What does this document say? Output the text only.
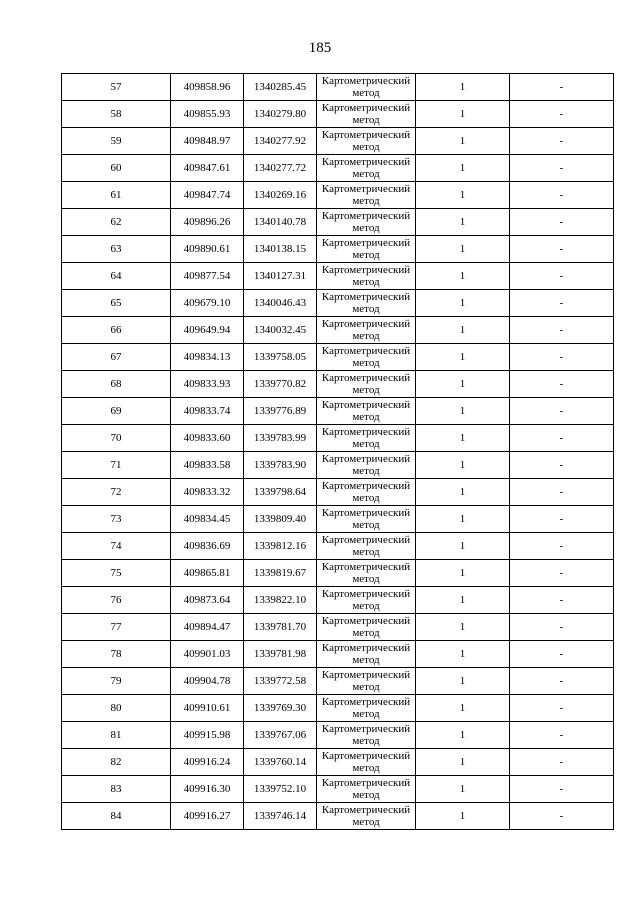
185
57	409858.96	1340285.45	Картометрический
метод	1	-
58	409855.93	1340279.80	Картометрический
метод	1	-
59	409848.97	1340277.92	Картометрический
метод	1	-
60	409847.61	1340277.72	Картометрический
метод	1	-
61	409847.74	1340269.16	Картометрический
метод	1	-
62	409896.26	1340140.78	Картометрический
метод	1	-
63	409890.61	1340138.15	Картометрический
метод	1	-
64	409877.54	1340127.31	Картометрический
метод	1	-
65	409679.10	1340046.43	Картометрический
метод	1	-
66	409649.94	1340032.45	Картометрический
метод	1	-
67	409834.13	1339758.05	Картометрический
метод	1	-
68	409833.93	1339770.82	Картометрический
метод	1	-
69	409833.74	1339776.89	Картометрический
метод	1	-
70	409833.60	1339783.99	Картометрический
метод	1	-
71	409833.58	1339783.90	Картометрический
метод	1	-
72	409833.32	1339798.64	Картометрический
метод	1	-
73	409834.45	1339809.40	Картометрический
метод	1	-
74	409836.69	1339812.16	Картометрический
метод	1	-
75	409865.81	1339819.67	Картометрический
метод	1	-
76	409873.64	1339822.10	Картометрический
метод	1	-
77	409894.47	1339781.70	Картометрический
метод	1	-
78	409901.03	1339781.98	Картометрический
метод	1	-
79	409904.78	1339772.58	Картометрический
метод	1	-
80	409910.61	1339769.30	Картометрический
метод	1	-
81	409915.98	1339767.06	Картометрический
метод	1	-
82	409916.24	1339760.14	Картометрический
метод	1	-
83	409916.30	1339752.10	Картометрический
метод	1	-
84	409916.27	1339746.14	Картометрический
метод	1	-
